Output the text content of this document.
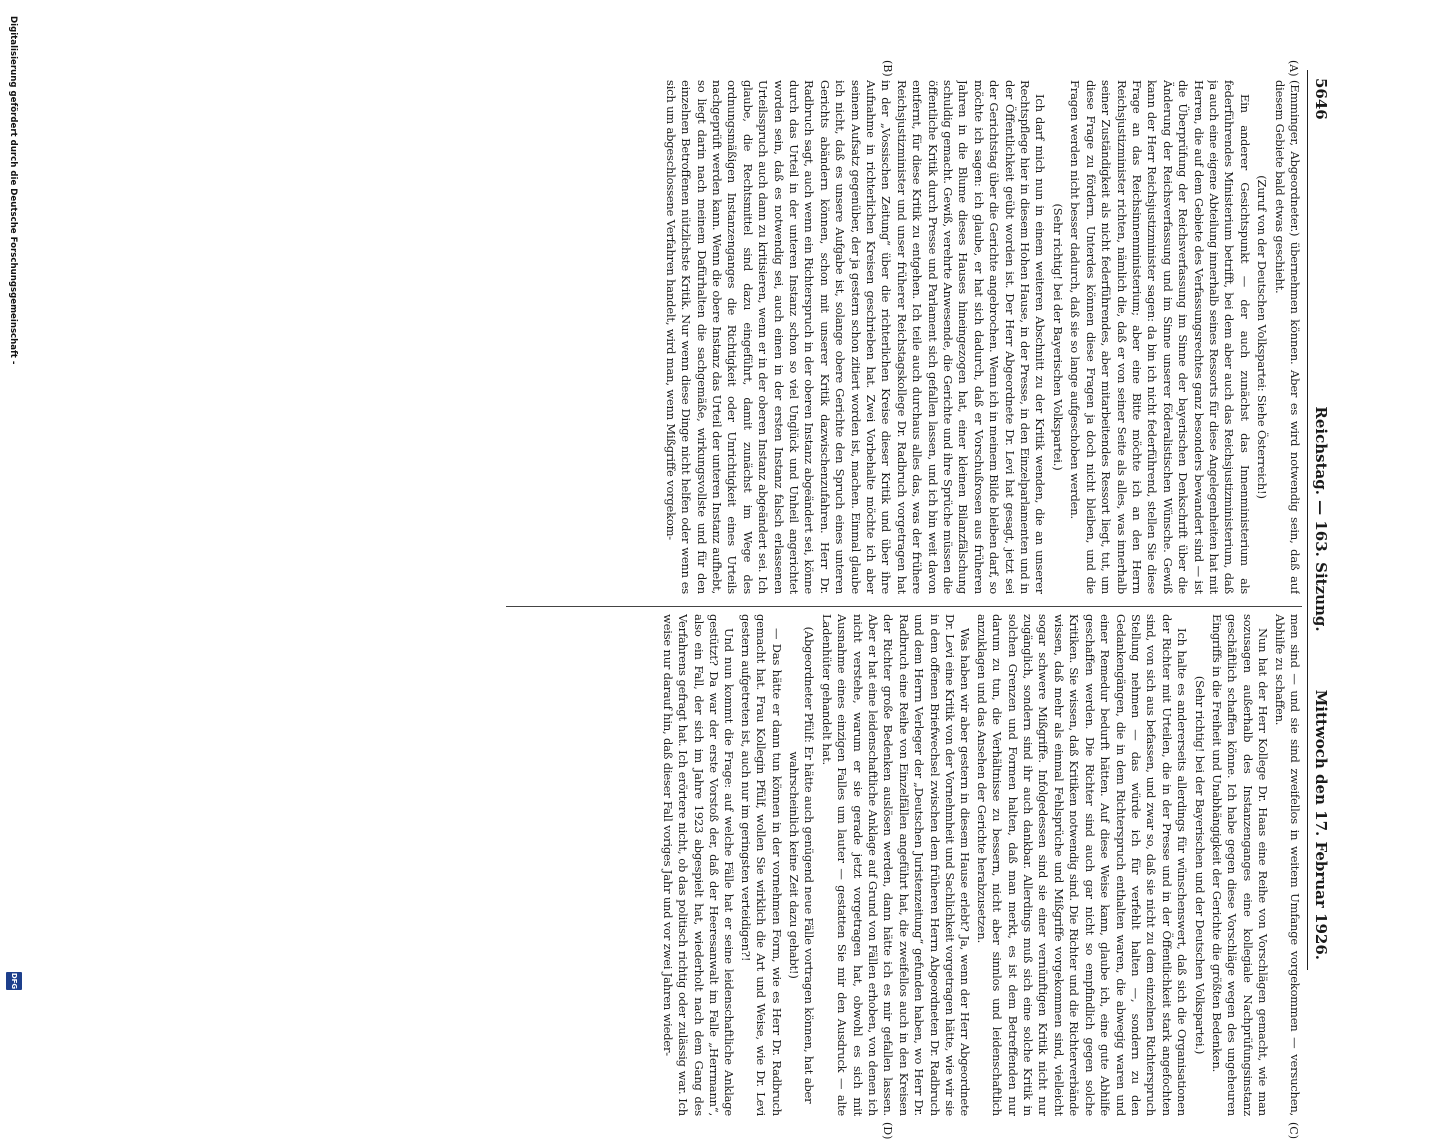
5646
Reichstag. — 163. Sitzung.
Mittwoch den 17. Februar 1926.
(A)
(B)
(C)
(D)

(Emminger, Abgeordneter.) übernehmen können. Aber es wird notwendig sein, daß auf diesem Gebiete bald etwas geschieht.

(Zuruf von der Deutschen Volkspartei: Siehe Österreich!)

Ein anderer Gesichtspunkt — der auch zunächst das Innenministerium als federführendes Ministerium betrifft, bei dem aber auch das Reichsjustizministerium, daß ja auch eine eigene Abteilung innerhalb seines Ressorts für diese Angelegenheiten hat mit Herren, die auf dem Gebiete des Verfassungsrechtes ganz besonders bewandert sind — ist die Überprüfung der Reichsverfassung im Sinne der bayerischen Denkschrift über die Änderung der Reichsverfassung und im Sinne unserer föderalistischen Wünsche. Gewiß kann der Herr Reichsjustizminister sagen: da bin ich nicht federführend, stellen Sie diese Frage an das Reichsinnenministerium; aber eine Bitte möchte ich an den Herrn Reichsjustizminister richten, nämlich die, daß er von seiner Seite als alles, was innerhalb seiner Zuständigkeit als nicht federführendes, aber mitarbeitendes Ressort liegt, tut, um diese Frage zu fördern. Unterdes können diese Fragen ja doch nicht bleiben, und die Fragen werden nicht besser dadurch, daß sie so lange aufgeschoben werden.

(Sehr richtig! bei der Bayerischen Volkspartei.)

Ich darf mich nun in einem weiteren Abschnitt zu der Kritik wenden, die an unserer Rechtspflege hier in diesem Hohen Hause, in der Presse, in den Einzelparlamenten und in der Öffentlichkeit geübt worden ist. Der Herr Abgeordnete Dr. Levi hat gesagt, jetzt sei der Gerichtstag über die Gerichte angebrochen. Wenn ich in meinem Bilde bleiben darf, so möchte ich sagen: ich glaube, er hat sich dadurch, daß er Vorschußrosen aus früheren Jahren in die Blume dieses Hauses hineingezogen hat, einer kleinen Bilanzfälschung schuldig gemacht. Gewiß, verehrte Anwesende, die Gerichte und ihre Sprüche müssen die öffentliche Kritik durch Presse und Parlament sich gefallen lassen, und ich bin weit davon entfernt, für diese Kritik zu entgehen. Ich teile auch durchaus alles das, was der frühere Reichsjustizminister und unser früherer Reichstagskollege Dr. Radbruch vorgetragen hat in der „Vossischen Zeitung“ über die richterlichen Kreise dieser Kritik und über ihre Aufnahme in richterlichen Kreisen geschrieben hat. Zwei Vorbehalte möchte ich aber seinem Aufsatz gegenüber, der ja gestern schon zitiert worden ist, machen. Einmal glaube ich nicht, daß es unsere Aufgabe ist, solange obere Gerichte den Spruch eines unteren Gerichts abändern können, schon mit unserer Kritik dazwischenzufahren. Herr Dr. Radbruch sagt, auch wenn ein Richterspruch in der oberen Instanz abgeändert sei, könne durch das Urteil in der unteren Instanz schon so viel Unglück und Unheil angerichtet worden sein, daß es notwendig sei, auch einen in der ersten Instanz falsch erlassenen Urteilsspruch auch dann zu kritisieren, wenn er in der oberen Instanz abgeändert sei. Ich glaube, die Rechtsmittel sind dazu eingeführt, damit zunächst im Wege des ordnungsmäßigen Instanzenganges die Richtigkeit oder Unrichtigkeit eines Urteils nachgeprüft werden kann. Wenn die obere Instanz das Urteil der unteren Instanz aufhebt, so liegt darin nach meinem Dafürhalten die sachgemäße, wirkungsvollste und für den einzelnen Betroffenen nützlichste Kritik. Nur wenn diese Dinge nicht helfen oder wenn es sich um abgeschlossene Verfahren handelt, wird man, wenn Mißgriffe vorgekom-

men sind — und sie sind zweifellos in weitem Umfange vorgekommen — versuchen, Abhilfe zu schaffen.

Nun hat der Herr Kollege Dr. Haas eine Reihe von Vorschlägen gemacht, wie man sozusagen außerhalb des Instanzenganges eine kollegiale Nachprüfungsinstanz geschäftlich schaffen könne. Ich habe gegen diese Vorschläge wegen des ungeheuren Eingriffs in die Freiheit und Unabhängigkeit der Gerichte die größten Bedenken.

(Sehr richtig! bei der Bayerischen und der Deutschen Volkspartei.)

Ich halte es andererseits allerdings für wünschenswert, daß sich die Organisationen der Richter mit Urteilen, die in der Presse und in der Öffentlichkeit stark angefochten sind, von sich aus befassen, und zwar so, daß sie nicht zu dem einzelnen Richterspruch Stellung nehmen — das würde ich für verfehlt halten —, sondern zu den Gedankengängen, die in dem Richterspruch enthalten waren, die abwegig waren und einer Remedur bedurft hätten. Auf diese Weise kann, glaube ich, eine gute Abhilfe geschaffen werden. Die Richter sind auch gar nicht so empfindlich gegen solche Kritiken. Sie wissen, daß Kritiken notwendig sind. Die Richter und die Richterverbände wissen, daß mehr als einmal Fehlsprüche und Mißgriffe vorgekommen sind, vielleicht sogar schwere Mißgriffe. Infolgedessen sind sie einer vernünftigen Kritik nicht nur zugänglich, sondern sind ihr auch dankbar. Allerdings muß sich eine solche Kritik in solchen Grenzen und Formen halten, daß man merkt, es ist dem Betreffenden nur darum zu tun, die Verhältnisse zu bessern, nicht aber sinnlos und leidenschaftlich anzuklagen und das Ansehen der Gerichte herabzusetzen.

Was haben wir aber gestern in diesem Hause erlebt? Ja, wenn der Herr Abgeordnete Dr. Levi eine Kritik von der Vornehmheit und Sachlichkeit vorgetragen hätte, wie wir sie in dem offenen Briefwechsel zwischen dem früheren Herrn Abgeordneten Dr. Radbruch und dem Herrn Verleger der „Deutschen Juristenzeitung“ gefunden haben, wo Herr Dr. Radbruch eine Reihe von Einzelfällen angeführt hat, die zweifellos auch in den Kreisen der Richter große Bedenken auslösen werden, dann hätte ich es mir gefallen lassen. Aber er hat eine leidenschaftliche Anklage auf Grund von Fällen erhoben, von denen ich nicht verstehe, warum er sie gerade jetzt vorgetragen hat, obwohl es sich mit Ausnahme eines einzigen Falles um lauter — gestatten Sie mir den Ausdruck — alte Ladenhüter gehandelt hat.

(Abgeordneter Pfülf: Er hätte auch genügend neue Fälle vortragen können, hat aber wahrscheinlich keine Zeit dazu gehabt!)

— Das hätte er dann tun können in der vornehmen Form, wie es Herr Dr. Radbruch gemacht hat. Frau Kollegin Pfülf, wollen Sie wirklich die Art und Weise, wie Dr. Levi gestern aufgetreten ist, auch nur im geringsten verteidigen?!

Und nun kommt die Frage: auf welche Fälle hat er seine leidenschaftliche Anklage gestützt? Da war der erste Vorstoß der, daß der Heeresanwalt im Falle „Herrmann“, also ein Fall, der sich im Jahre 1923 abgespielt hat, wiederholt nach dem Gang des Verfahrens gefragt hat. Ich erörtere nicht, ob das politisch richtig oder zulässig war. Ich weise nur darauf hin, daß dieser Fall voriges Jahr und vor zwei Jahren wieder-

Digitalisierung gefördert durch die Deutsche Forschungsgemeinschaft -
DFG
